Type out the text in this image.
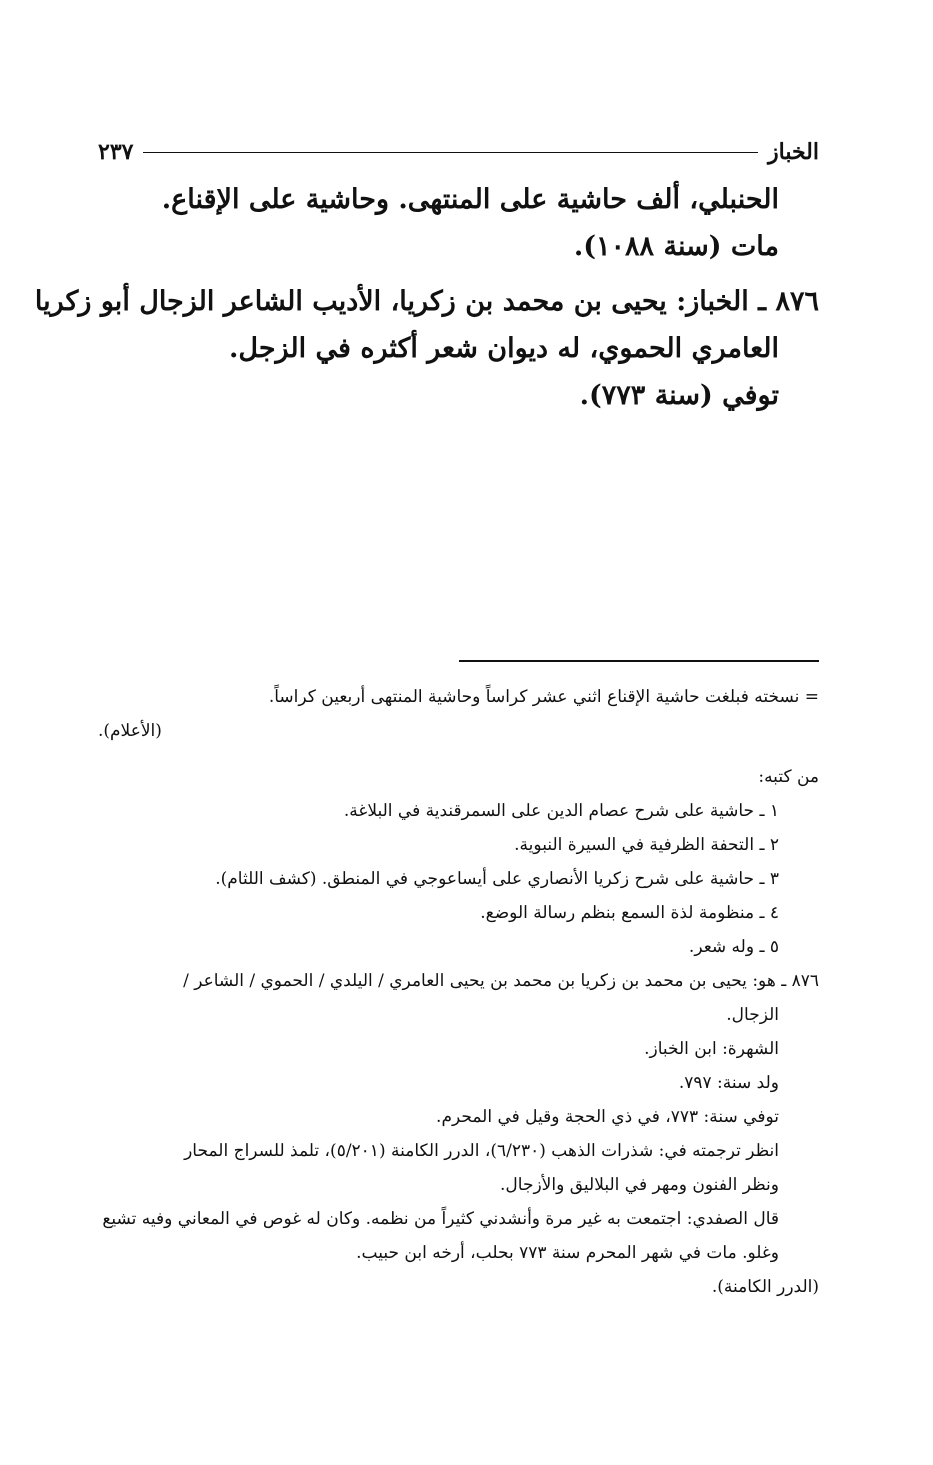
الخباز
٢٣٧

الحنبلي، ألف حاشية على المنتهى. وحاشية على الإقناع.

مات (سنة ١٠٨٨).

٨٧٦ ـ الخباز: يحيى بن محمد بن زكريا، الأديب الشاعر الزجال أبو زكريا

العامري الحموي، له ديوان شعر أكثره في الزجل.

توفي (سنة ٧٧٣).

= نسخته فبلغت حاشية الإقناع اثني عشر كراساً وحاشية المنتهى أربعين كراساً.

(الأعلام).

من كتبه:

١ ـ حاشية على شرح عصام الدين على السمرقندية في البلاغة.

٢ ـ التحفة الظرفية في السيرة النبوية.

٣ ـ حاشية على شرح زكريا الأنصاري على أيساعوجي في المنطق. (كشف اللثام).

٤ ـ منظومة لذة السمع بنظم رسالة الوضع.

٥ ـ وله شعر.

٨٧٦ ـ هو: يحيى بن محمد بن زكريا بن محمد بن يحيى العامري / اليلدي / الحموي / الشاعر /

الزجال.

الشهرة: ابن الخباز.

ولد سنة: ٧٩٧.

توفي سنة: ٧٧٣، في ذي الحجة وقيل في المحرم.

انظر ترجمته في: شذرات الذهب (٦/٢٣٠)، الدرر الكامنة (٥/٢٠١)، تلمذ للسراج المحار

ونظر الفنون ومهر في البلاليق والأزجال.

قال الصفدي: اجتمعت به غير مرة وأنشدني كثيراً من نظمه. وكان له غوص في المعاني وفيه تشيع

وغلو. مات في شهر المحرم سنة ٧٧٣ بحلب، أرخه ابن حبيب.

(الدرر الكامنة).
